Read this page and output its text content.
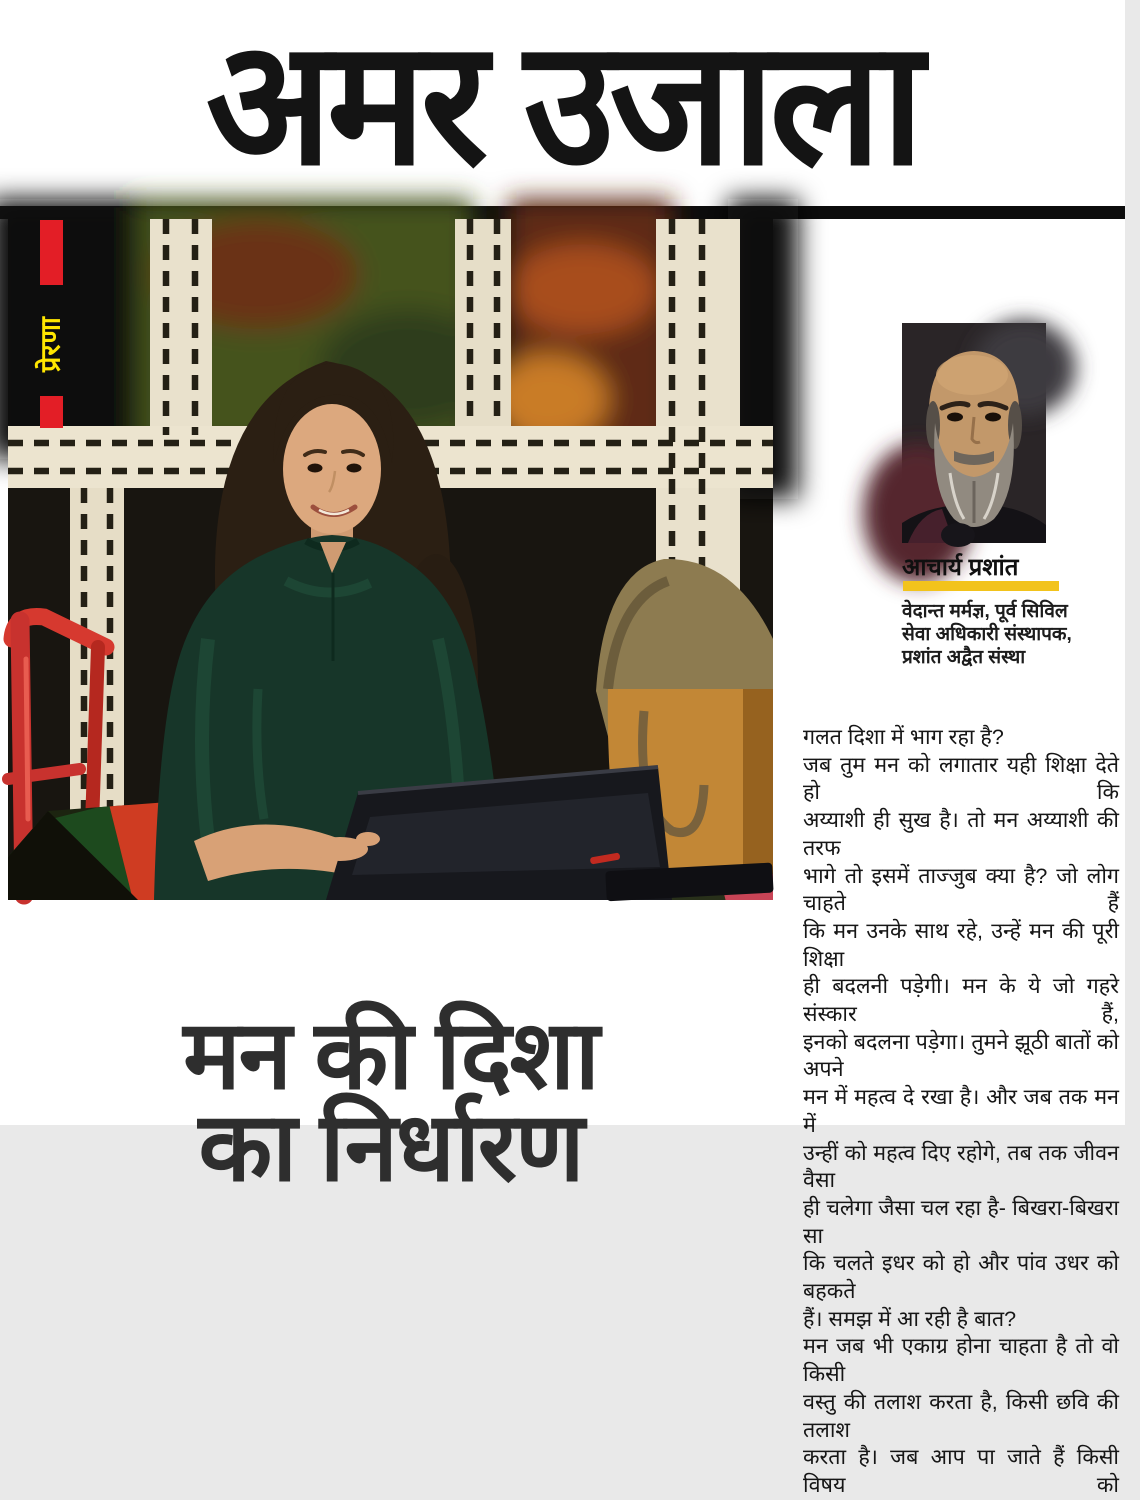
अमर उजाला
प्रेरणा
मन की दिशा
का निर्धारण
आचार्य प्रशांत
वेदान्त मर्मज्ञ, पूर्व सिविल
सेवा अधिकारी संस्थापक,
प्रशांत अद्वैत संस्था
गलत दिशा में भाग रहा है?
जब तुम मन को लगातार यही शिक्षा देते हो कि
अय्याशी ही सुख है। तो मन अय्याशी की तरफ
भागे तो इसमें ताज्जुब क्या है? जो लोग चाहते हैं
कि मन उनके साथ रहे, उन्हें मन की पूरी शिक्षा
ही बदलनी पड़ेगी। मन के ये जो गहरे संस्कार हैं,
इनको बदलना पड़ेगा। तुमने झूठी बातों को अपने
मन में महत्व दे रखा है। और जब तक मन में
उन्हीं को महत्व दिए रहोगे, तब तक जीवन वैसा
ही चलेगा जैसा चल रहा है- बिखरा-बिखरा सा
कि चलते इधर को हो और पांव उधर को बहकते
हैं। समझ में आ रही है बात?
मन जब भी एकाग्र होना चाहता है तो वो किसी
वस्तु की तलाश करता है, किसी छवि की तलाश
करता है। जब आप पा जाते हैं किसी विषय को
